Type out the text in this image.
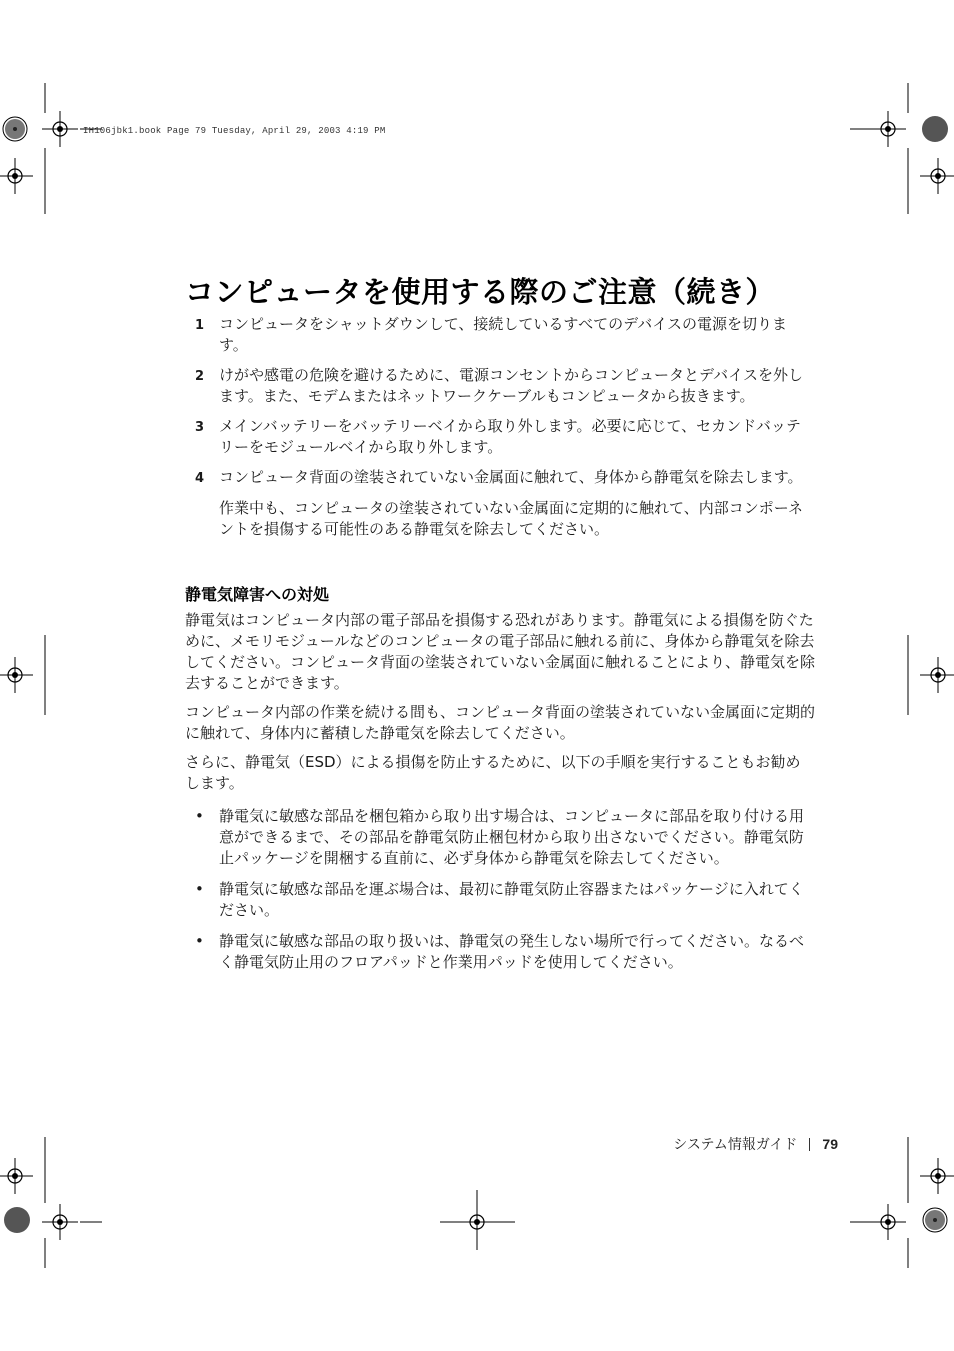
IH106jbk1.book Page 79 Tuesday, April 29, 2003 4:19 PM
コンピュータを使用する際のご注意（続き）
1 コンピュータをシャットダウンして、接続しているすべてのデバイスの電源を切ります。
2 けがや感電の危険を避けるために、電源コンセントからコンピュータとデバイスを外します。また、モデムまたはネットワークケーブルもコンピュータから抜きます。
3 メインバッテリーをバッテリーベイから取り外します。必要に応じて、セカンドバッテリーをモジュールベイから取り外します。
4 コンピュータ背面の塗装されていない金属面に触れて、身体から静電気を除去します。
作業中も、コンピュータの塗装されていない金属面に定期的に触れて、内部コンポーネントを損傷する可能性のある静電気を除去してください。
静電気障害への対処

静電気はコンピュータ内部の電子部品を損傷する恐れがあります。静電気による損傷を防ぐために、メモリモジュールなどのコンピュータの電子部品に触れる前に、身体から静電気を除去してください。コンピュータ背面の塗装されていない金属面に触れることにより、静電気を除去することができます。

コンピュータ内部の作業を続ける間も、コンピュータ背面の塗装されていない金属面に定期的に触れて、身体内に蓄積した静電気を除去してください。

さらに、静電気（ESD）による損傷を防止するために、以下の手順を実行することもお勧めします。

• 静電気に敏感な部品を梱包箱から取り出す場合は、コンピュータに部品を取り付ける用意ができるまで、その部品を静電気防止梱包材から取り出さないでください。静電気防止パッケージを開梱する直前に、必ず身体から静電気を除去してください。
• 静電気に敏感な部品を運ぶ場合は、最初に静電気防止容器またはパッケージに入れてください。
• 静電気に敏感な部品の取り扱いは、静電気の発生しない場所で行ってください。なるべく静電気防止用のフロアパッドと作業用パッドを使用してください。
システム情報ガイド 79
